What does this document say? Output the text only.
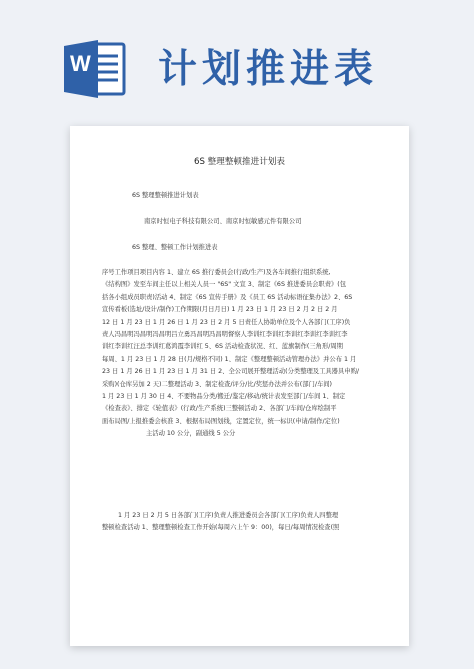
W 计划推进表
6S 整理整顿推进计划表
6S 整理整顿推进计划表
南京时恒电子科技有限公司、南京时恒敏感元件有限公司
6S 整理、整顿工作计划推进表
序号工作项目项目内容 1、建立 6S 推行委员会(行政/生产)及各车间推行组织系统,
《结构图》发至车间主任以上相关人员一 "6S" 文宣 3、制定《6S 推进委员会职责》(包
括各小组成员职责)活动 4、制定《6S 宣传手册》及《员工 6S 活动标语征集办法》2、6S
宣传看板(选址/设计/制作)工作期限(月日月日) 1 月 23 日 1 月 23 日 2 月 2 日 2 月
12 日 1 月 23 日 1 月 26 日 1 月 23 日 2 月 5 日责任人协助单位及个人各部门(工序)负
责人冯昌明冯昌明冯昌明吕立勇冯昌明冯昌明督察人李训红李训红李训红李训红李训红李
训红李训红汪总李训红葛鸿霞李训红 5、6S 活动检查状况、红、蓝旗制作(三角形/周期
每周、1 月 23 日 1 月 28 日(月/规格不同) 1、制定《整理整顿活动管理办法》并公布 1 月
23 日 1 月 26 日 1 月 23 日 1 月 31 日 2、全公司展开整理活动(分类整理及工具器具申购/
采购)(仓库另加 2 天)二整理活动 3、制定检查/评分/比/奖惩办法并公布(部门/车间)
1 月 23 日 1 月 30 日 4、不要物品分类/搬迁/鉴定/移动/统计表发至部门/车间 1、制定
《检查表》、排定《轮值表》(行政/生产系统)三整顿活动 2、各部门/车间/仓库绘制平
面布局图/上报推委会核准 3、根据布局图划线，定置定位，统一标识(申请/制作/定位)
主活动 10 公分，副通线 5 公分
1 月 23 日 2 月 5 日各部门(工序)负责人推进委员会各部门(工序)负责人四整理
整顿检查活动 1、整理整顿检查工作开始(每周六上午 9：00)，每日/每周情况检查(照
